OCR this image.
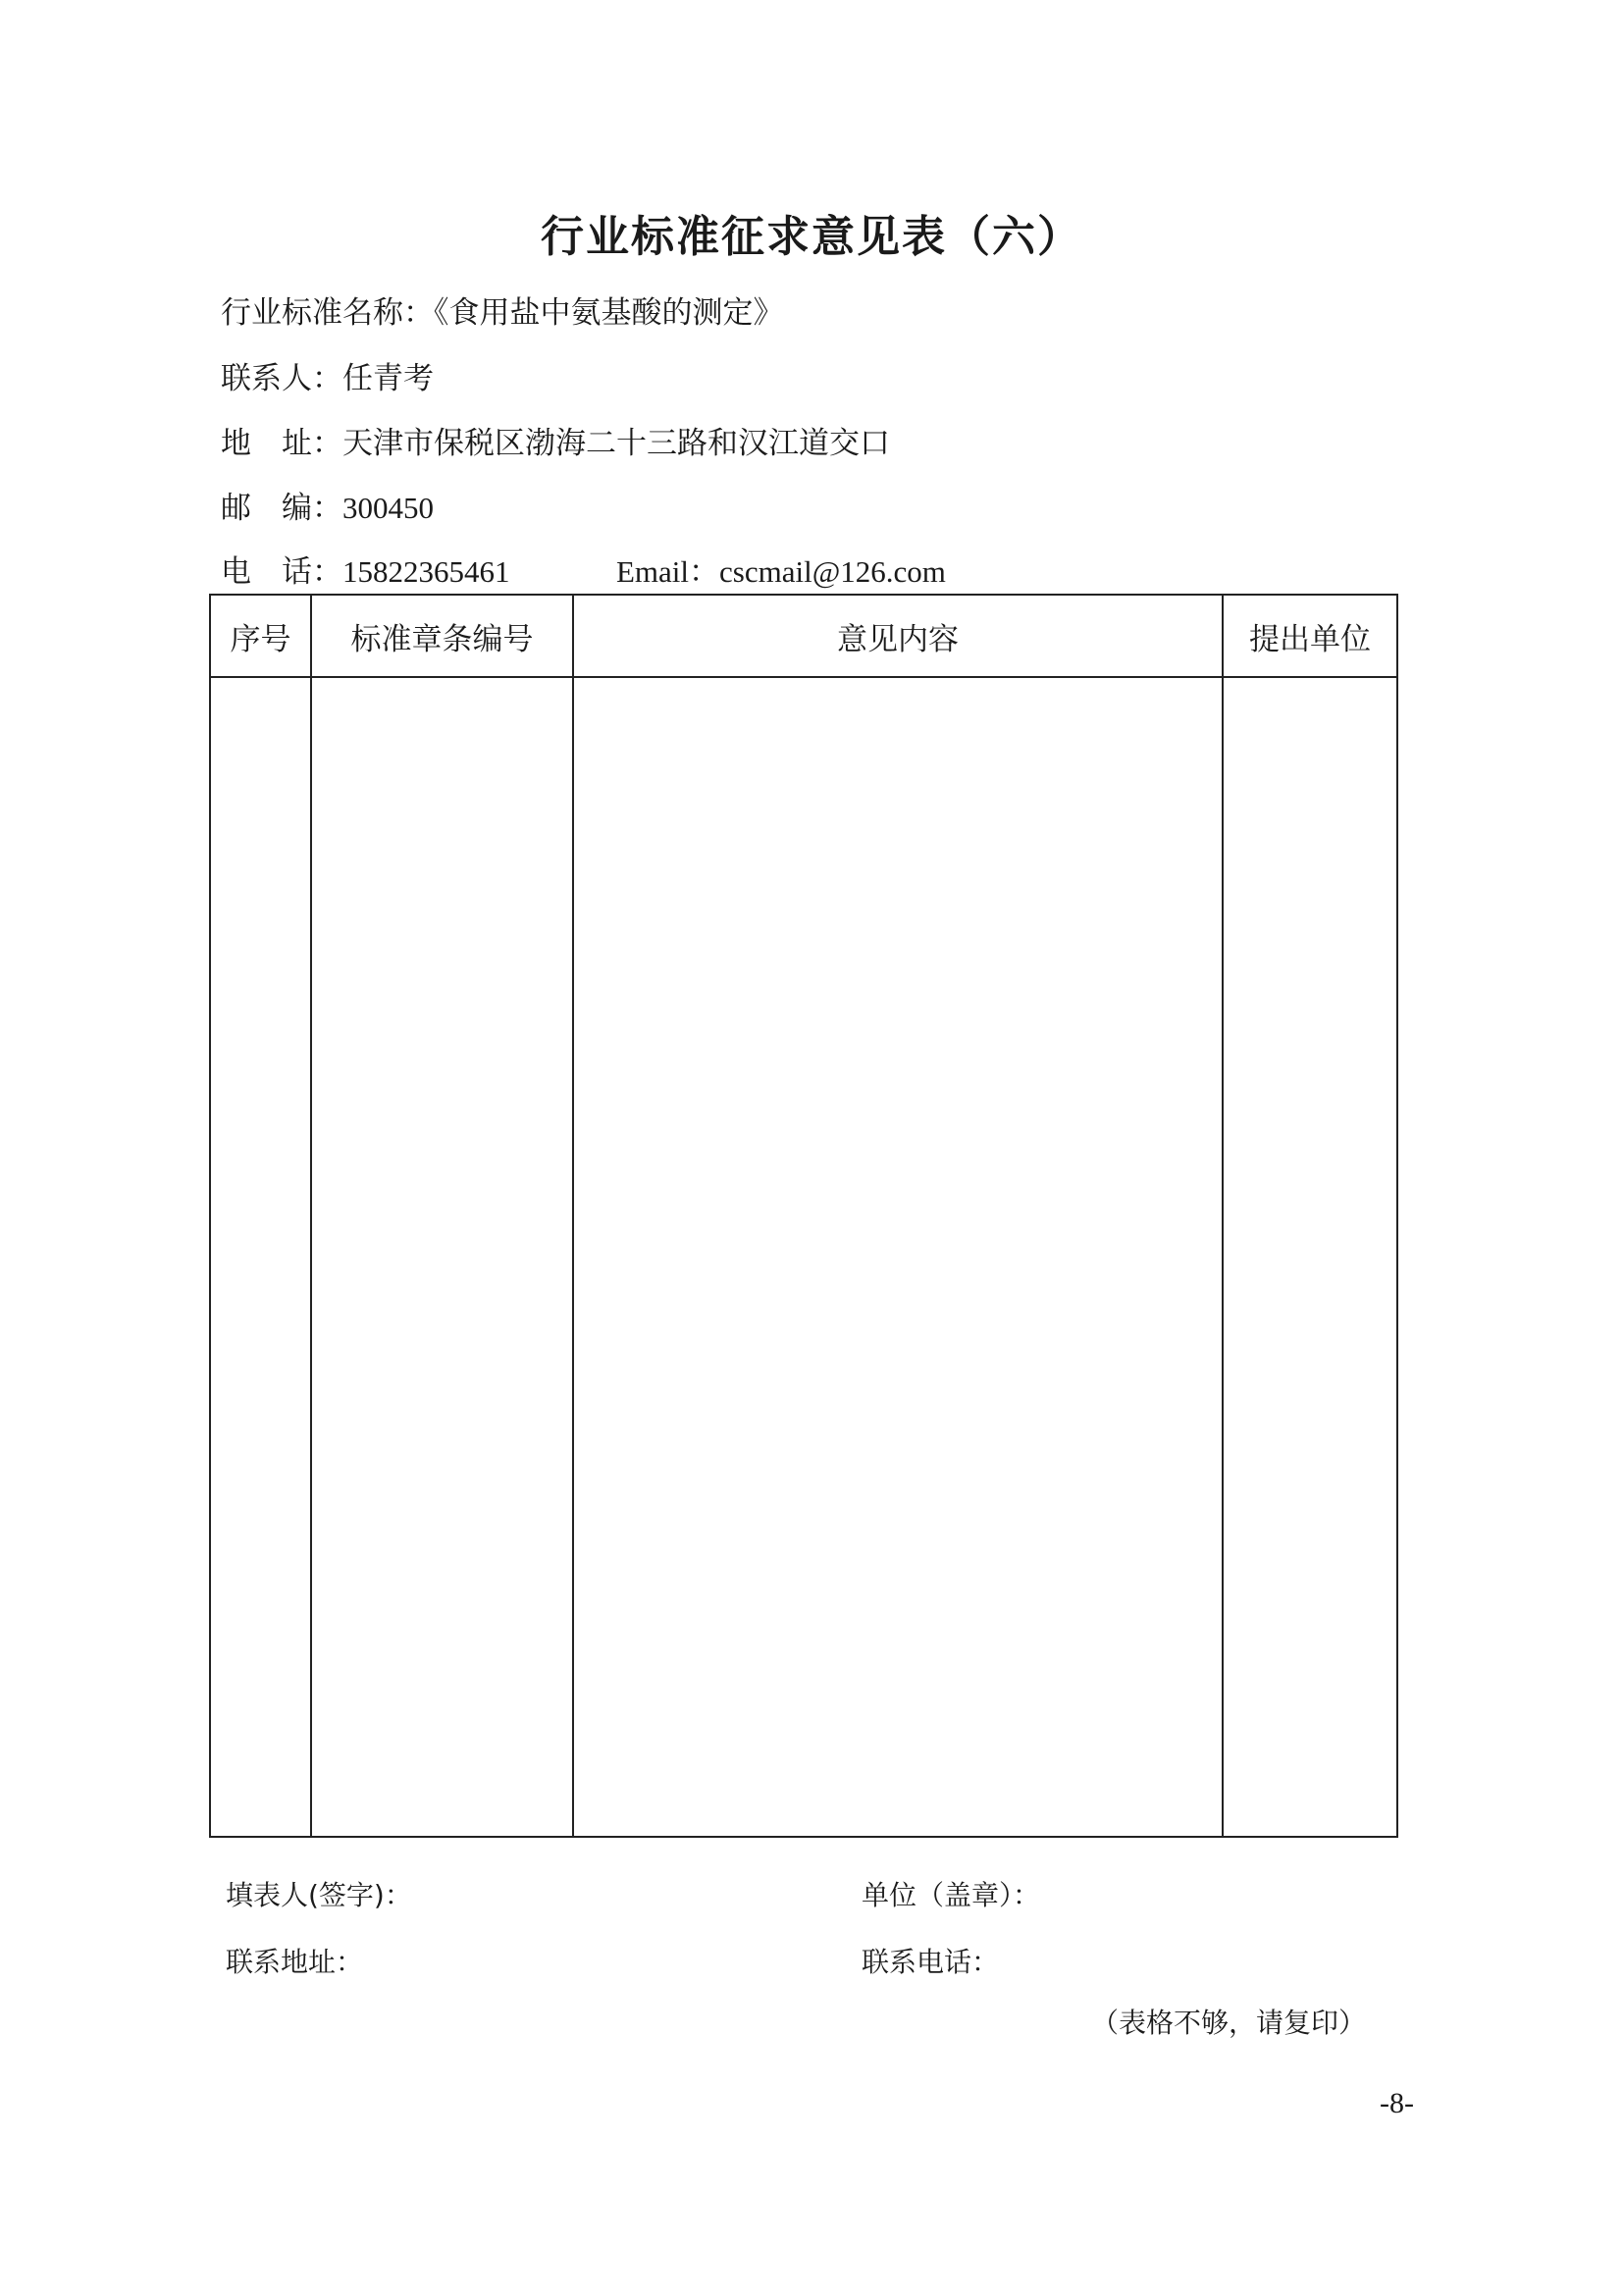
行业标准征求意见表（六）
行业标准名称：《食用盐中氨基酸的测定》
联系人：任青考
地　址：天津市保税区渤海二十三路和汉江道交口
邮　编：300450
电　话：15822365461	Email：cscmail@126.com
序号	标准章条编号	意见内容	提出单位

填表人(签字)：	单位（盖章）：
联系地址：	联系电话：
（表格不够，请复印）
-8-
